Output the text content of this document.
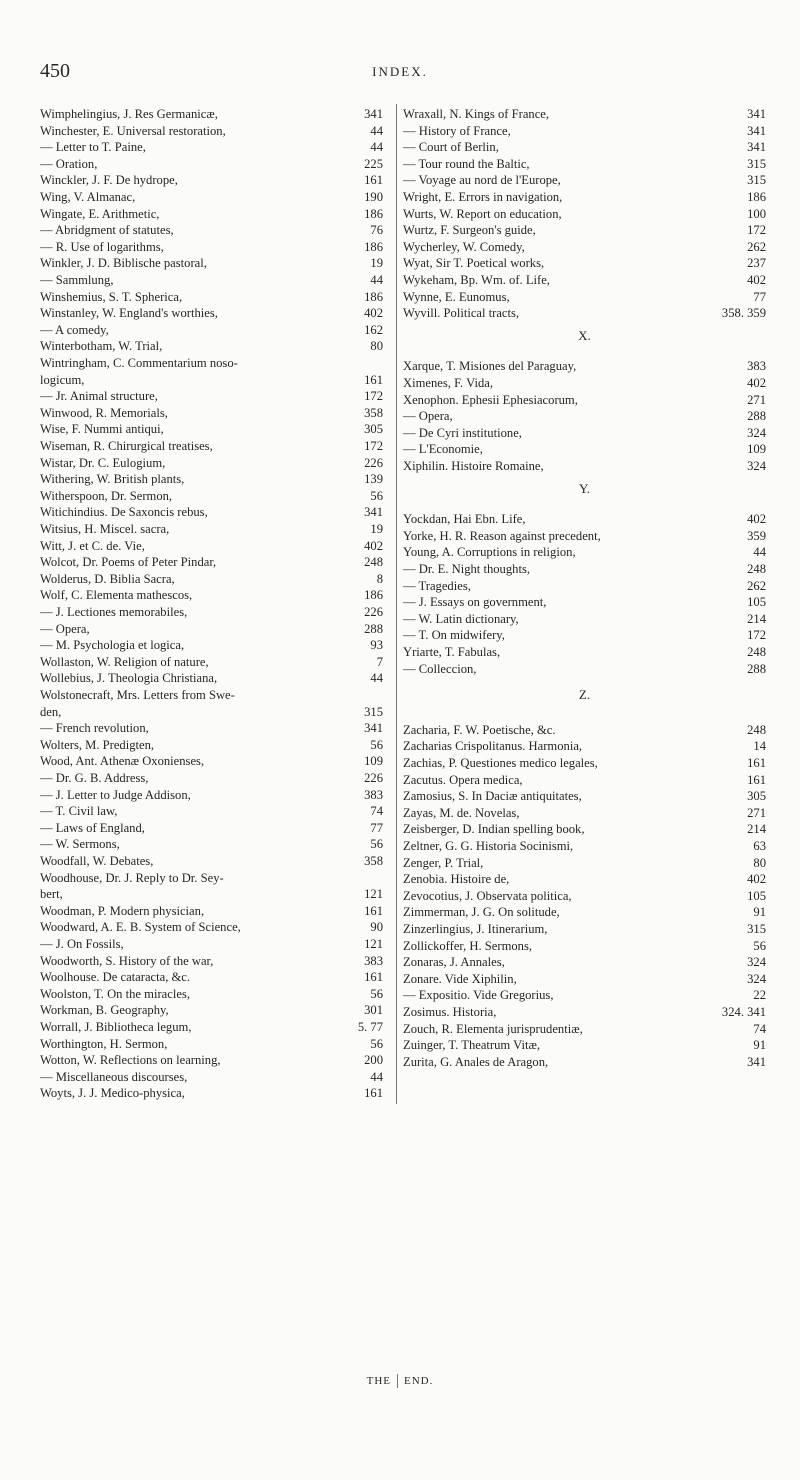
450	INDEX.
Wimphelingius, J. Res Germanicæ,	341
Winchester, E. Universal restoration,	44
— Letter to T. Paine,	44
— Oration,	225
Winckler, J. F. De hydrope,	161
Wing, V. Almanac,	190
Wingate, E. Arithmetic,	186
— Abridgment of statutes,	76
— R. Use of logarithms,	186
Winkler, J. D. Biblische pastoral,	19
— Sammlung,	44
Winshemius, S. T. Spherica,	186
Winstanley, W. England's worthies,	402
— A comedy,	162
Winterbotham, W. Trial,	80
Wintringham, C. Commentarium noso-
logicum,	161
— Jr. Animal structure,	172
Winwood, R. Memorials,	358
Wise, F. Nummi antiqui,	305
Wiseman, R. Chirurgical treatises,	172
Wistar, Dr. C. Eulogium,	226
Withering, W. British plants,	139
Witherspoon, Dr. Sermon,	56
Witichindius. De Saxoncis rebus,	341
Witsius, H. Miscel. sacra,	19
Witt, J. et C. de. Vie,	402
Wolcot, Dr. Poems of Peter Pindar,	248
Wolderus, D. Biblia Sacra,	8
Wolf, C. Elementa mathescos,	186
— J. Lectiones memorabiles,	226
— Opera,	288
— M. Psychologia et logica,	93
Wollaston, W. Religion of nature,	7
Wollebius, J. Theologia Christiana,	44
Wolstonecraft, Mrs. Letters from Swe-
den,	315
— French revolution,	341
Wolters, M. Predigten,	56
Wood, Ant. Athenæ Oxonienses,	109
— Dr. G. B. Address,	226
— J. Letter to Judge Addison,	383
— T. Civil law,	74
— Laws of England,	77
— W. Sermons,	56
Woodfall, W. Debates,	358
Woodhouse, Dr. J. Reply to Dr. Sey-
bert,	121
Woodman, P. Modern physician,	161
Woodward, A. E. B. System of Science,	90
— J. On Fossils,	121
Woodworth, S. History of the war,	383
Woolhouse. De cataracta, &c.	161
Woolston, T. On the miracles,	56
Workman, B. Geography,	301
Worrall, J. Bibliotheca legum,	5. 77
Worthington, H. Sermon,	56
Wotton, W. Reflections on learning,	200
— Miscellaneous discourses,	44
Woyts, J. J. Medico-physica,	161
Wraxall, N. Kings of France,	341
— History of France,	341
— Court of Berlin,	341
— Tour round the Baltic,	315
— Voyage au nord de l'Europe,	315
Wright, E. Errors in navigation,	186
Wurts, W. Report on education,	100
Wurtz, F. Surgeon's guide,	172
Wycherley, W. Comedy,	262
Wyat, Sir T. Poetical works,	237
Wykeham, Bp. Wm. of. Life,	402
Wynne, E. Eunomus,	77
Wyvill. Political tracts,	358. 359
X.
Xarque, T. Misiones del Paraguay,	383
Ximenes, F. Vida,	402
Xenophon. Ephesii Ephesiacorum,	271
— Opera,	288
— De Cyri institutione,	324
— L'Economie,	109
Xiphilin. Histoire Romaine,	324
Y.
Yockdan, Hai Ebn. Life,	402
Yorke, H. R. Reason against precedent,	359
Young, A. Corruptions in religion,	44
— Dr. E. Night thoughts,	248
— Tragedies,	262
— J. Essays on government,	105
— W. Latin dictionary,	214
— T. On midwifery,	172
Yriarte, T. Fabulas,	248
— Colleccion,	288
Z.
Zacharia, F. W. Poetische, &c.	248
Zacharias Crispolitanus. Harmonia,	14
Zachias, P. Questiones medico legales,	161
Zacutus. Opera medica,	161
Zamosius, S. In Daciæ antiquitates,	305
Zayas, M. de. Novelas,	271
Zeisberger, D. Indian spelling book,	214
Zeltner, G. G. Historia Socinismi,	63
Zenger, P. Trial,	80
Zenobia. Histoire de,	402
Zevocotius, J. Observata politica,	105
Zimmerman, J. G. On solitude,	91
Zinzerlingius, J. Itinerarium,	315
Zollickoffer, H. Sermons,	56
Zonaras, J. Annales,	324
Zonare. Vide Xiphilin,	324
— Expositio. Vide Gregorius,	22
Zosimus. Historia,	324. 341
Zouch, R. Elementa jurisprudentiæ,	74
Zuinger, T. Theatrum Vitæ,	91
Zurita, G. Anales de Aragon,	341
THE END.
